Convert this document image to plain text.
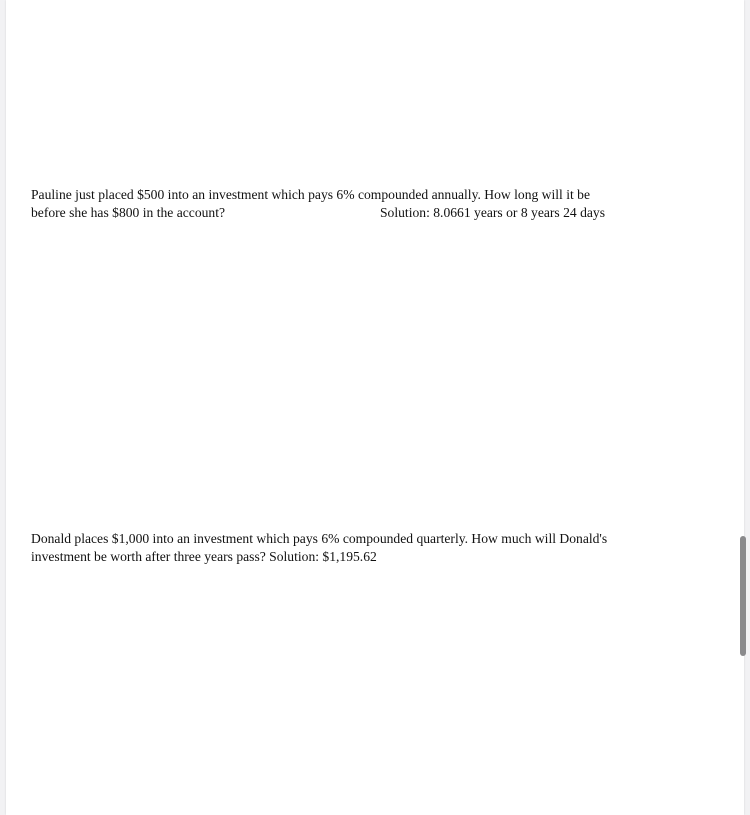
Pauline just placed $500 into an investment which pays 6% compounded annually. How long will it be
before she has $800 in the account?	Solution: 8.0661 years or 8 years 24 days
Donald places $1,000 into an investment which pays 6% compounded quarterly. How much will Donald's
investment be worth after three years pass? Solution: $1,195.62
